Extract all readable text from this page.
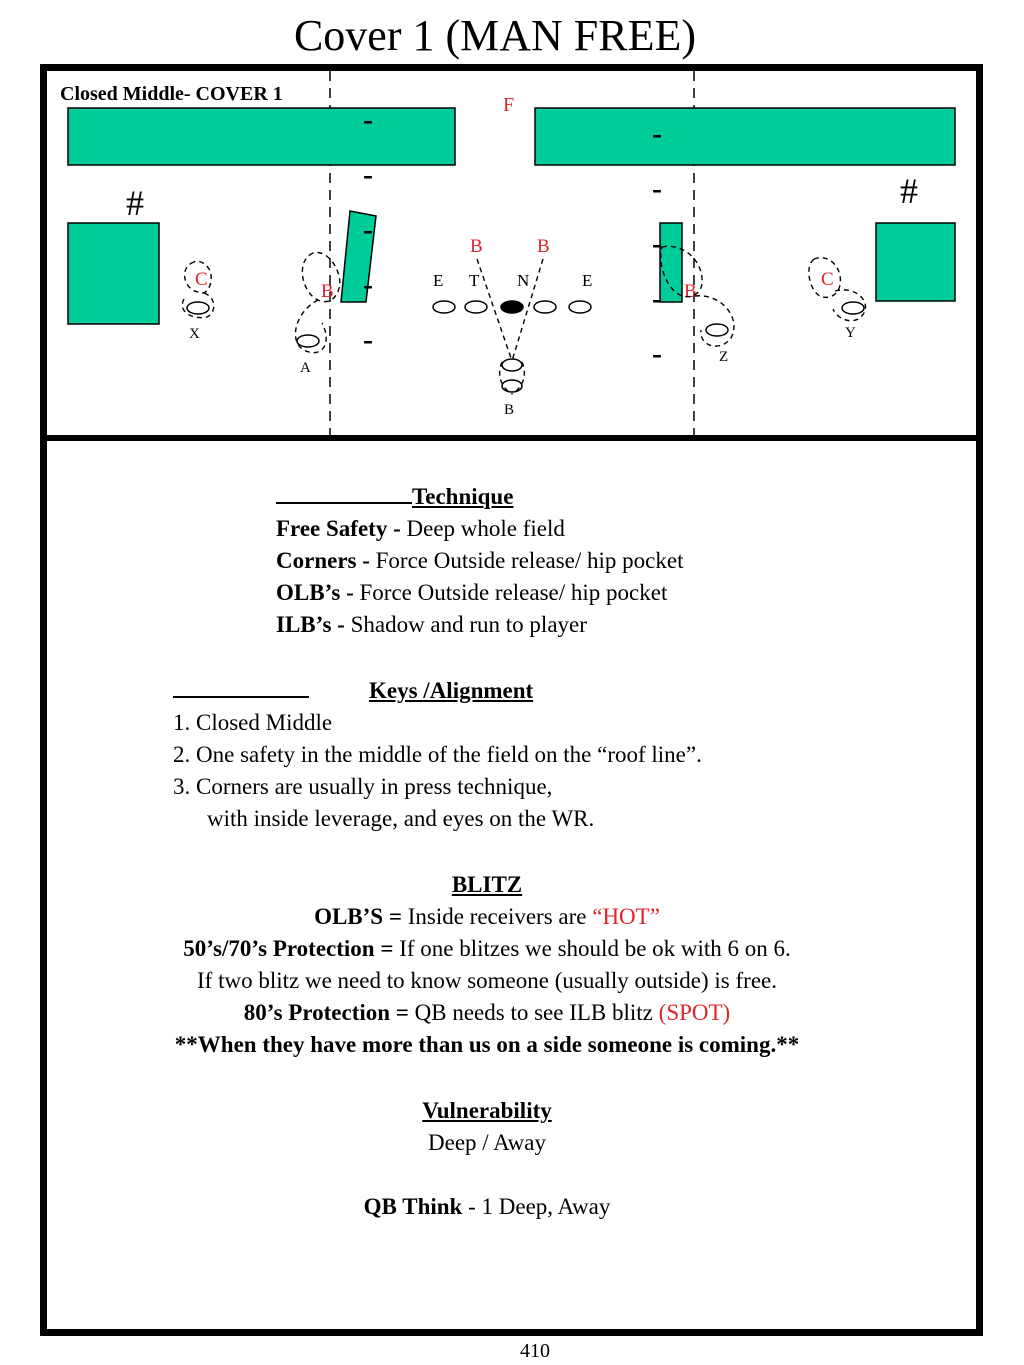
Cover 1 (MAN FREE)
-
-
-
-
-
-
-
-
-
-
#	#
F
B	B
C	C
B	B
E T N	E
X
A
B
Z
Y
Closed Middle- COVER 1
Technique
Free Safety - Deep whole field
Corners - Force Outside release/ hip pocket
OLB’s - Force Outside release/ hip pocket
ILB’s - Shadow and run to player
Keys /Alignment
1. Closed Middle
2. One safety in the middle of the field on the “roof line”.
3. Corners are usually in press technique,
with inside leverage, and eyes on the WR.
BLITZ
OLB’S = Inside receivers are “HOT”
50’s/70’s Protection = If one blitzes we should be ok with 6 on 6.
If two blitz we need to know someone (usually outside) is free.
80’s Protection = QB needs to see ILB blitz (SPOT)
**When they have more than us on a side someone is coming.**
Vulnerability
Deep / Away
QB Think - 1 Deep, Away
410
